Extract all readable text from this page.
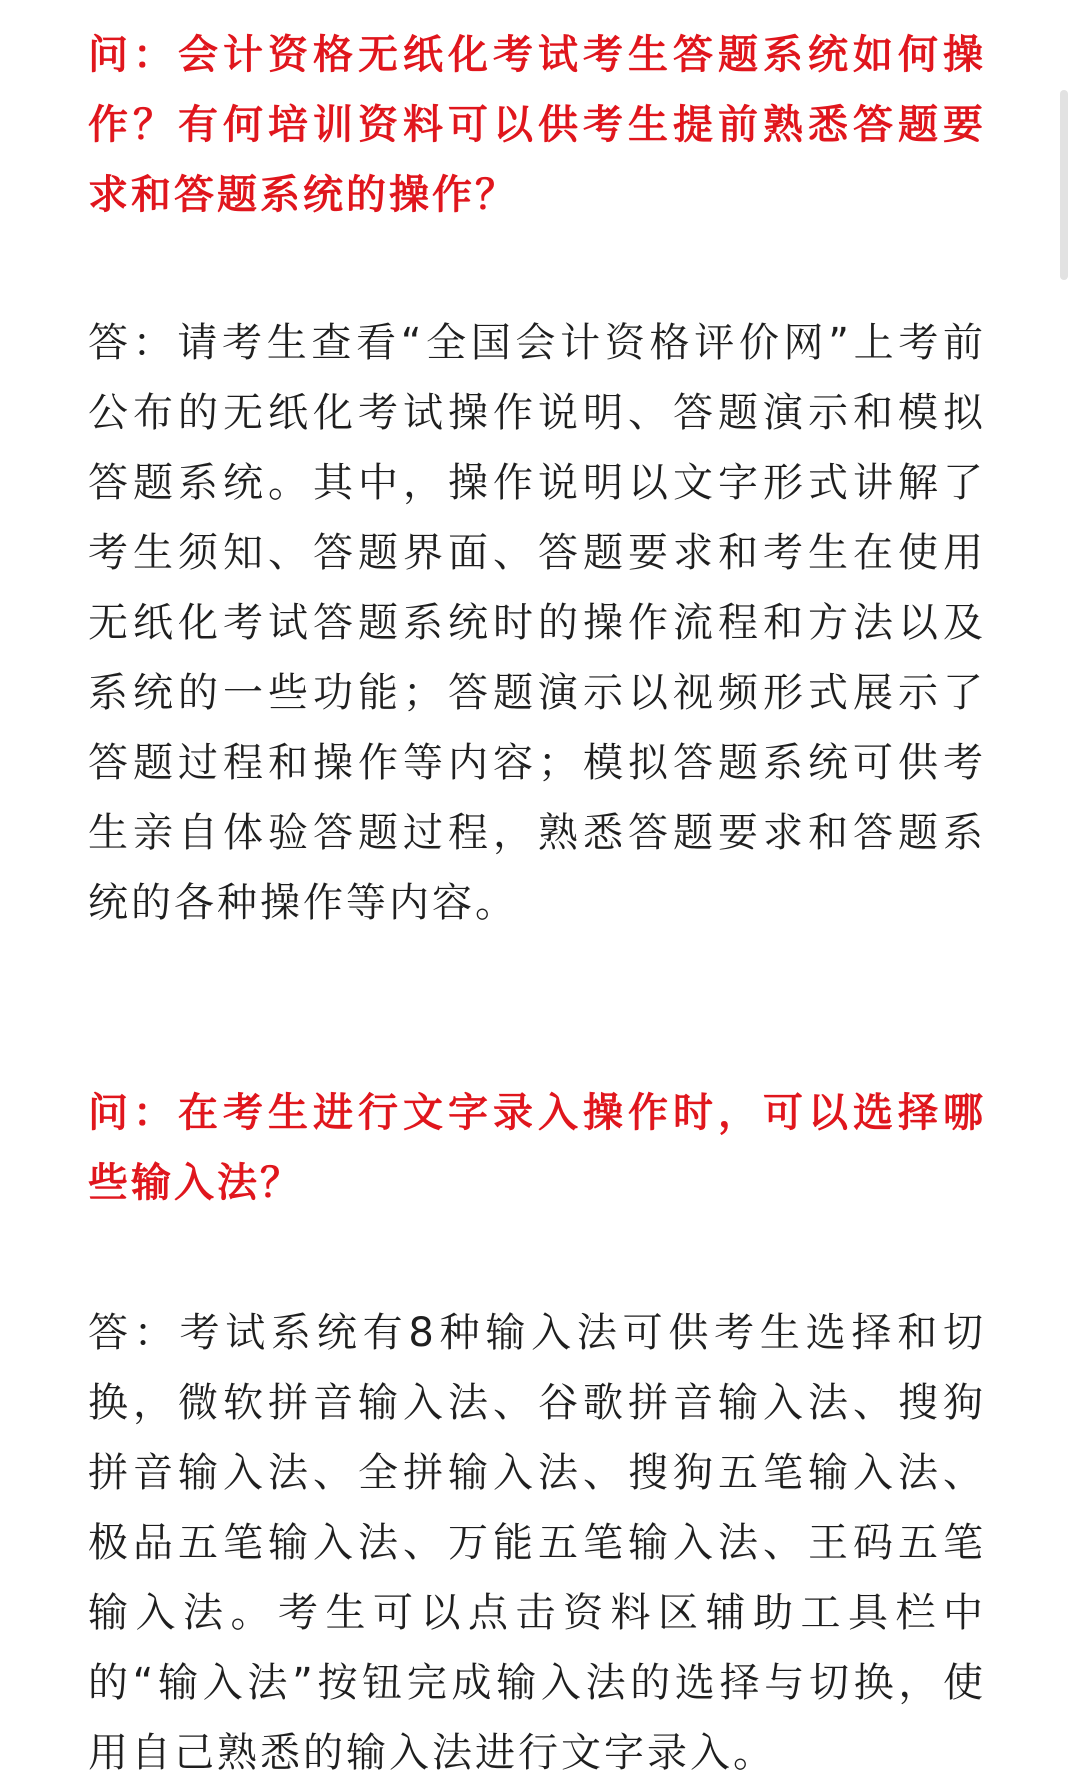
问：会计资格无纸化考试考生答题系统如何操作？有何培训资料可以供考生提前熟悉答题要求和答题系统的操作？

答：请考生查看“全国会计资格评价网”上考前公布的无纸化考试操作说明、答题演示和模拟答题系统。其中，操作说明以文字形式讲解了考生须知、答题界面、答题要求和考生在使用无纸化考试答题系统时的操作流程和方法以及系统的一些功能；答题演示以视频形式展示了答题过程和操作等内容；模拟答题系统可供考生亲自体验答题过程，熟悉答题要求和答题系统的各种操作等内容。

问：在考生进行文字录入操作时，可以选择哪些输入法？

答：考试系统有8种输入法可供考生选择和切换，微软拼音输入法、谷歌拼音输入法、搜狗拼音输入法、全拼输入法、搜狗五笔输入法、极品五笔输入法、万能五笔输入法、王码五笔输入法。考生可以点击资料区辅助工具栏中的“输入法”按钮完成输入法的选择与切换，使用自己熟悉的输入法进行文字录入。
